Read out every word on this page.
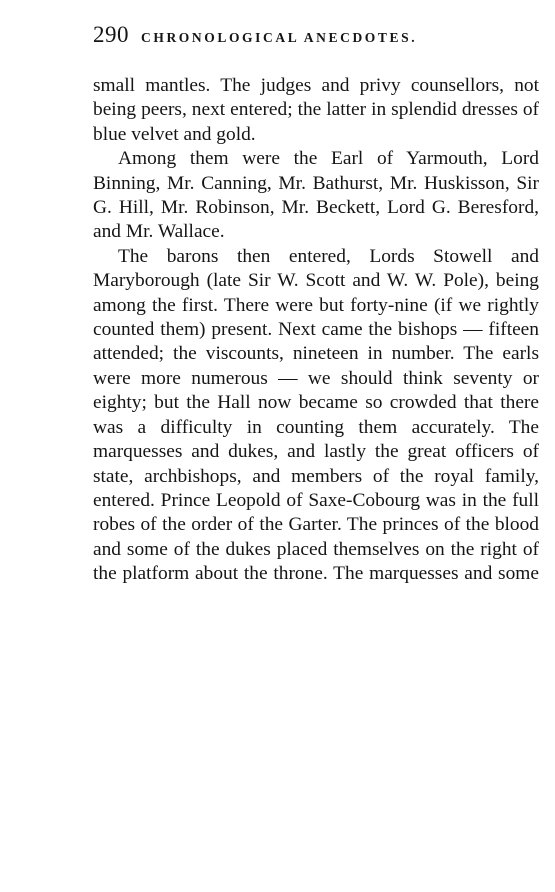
290 CHRONOLOGICAL ANECDOTES.

small mantles. The judges and privy counsellors, not being peers, next entered; the latter in splendid dresses of blue velvet and gold.

Among them were the Earl of Yarmouth, Lord Binning, Mr. Canning, Mr. Bathurst, Mr. Huskisson, Sir G. Hill, Mr. Robinson, Mr. Beckett, Lord G. Beresford, and Mr. Wallace.

The barons then entered, Lords Stowell and Maryborough (late Sir W. Scott and W. W. Pole), being among the first. There were but forty-nine (if we rightly counted them) present. Next came the bishops — fifteen attended; the viscounts, nineteen in number. The earls were more numerous — we should think seventy or eighty; but the Hall now became so crowded that there was a difficulty in counting them accurately. The marquesses and dukes, and lastly the great officers of state, archbishops, and members of the royal family, entered. Prince Leopold of Saxe-Cobourg was in the full robes of the order of the Garter. The princes of the blood and some of the dukes placed themselves on the right of the platform about the throne. The marquesses and some
